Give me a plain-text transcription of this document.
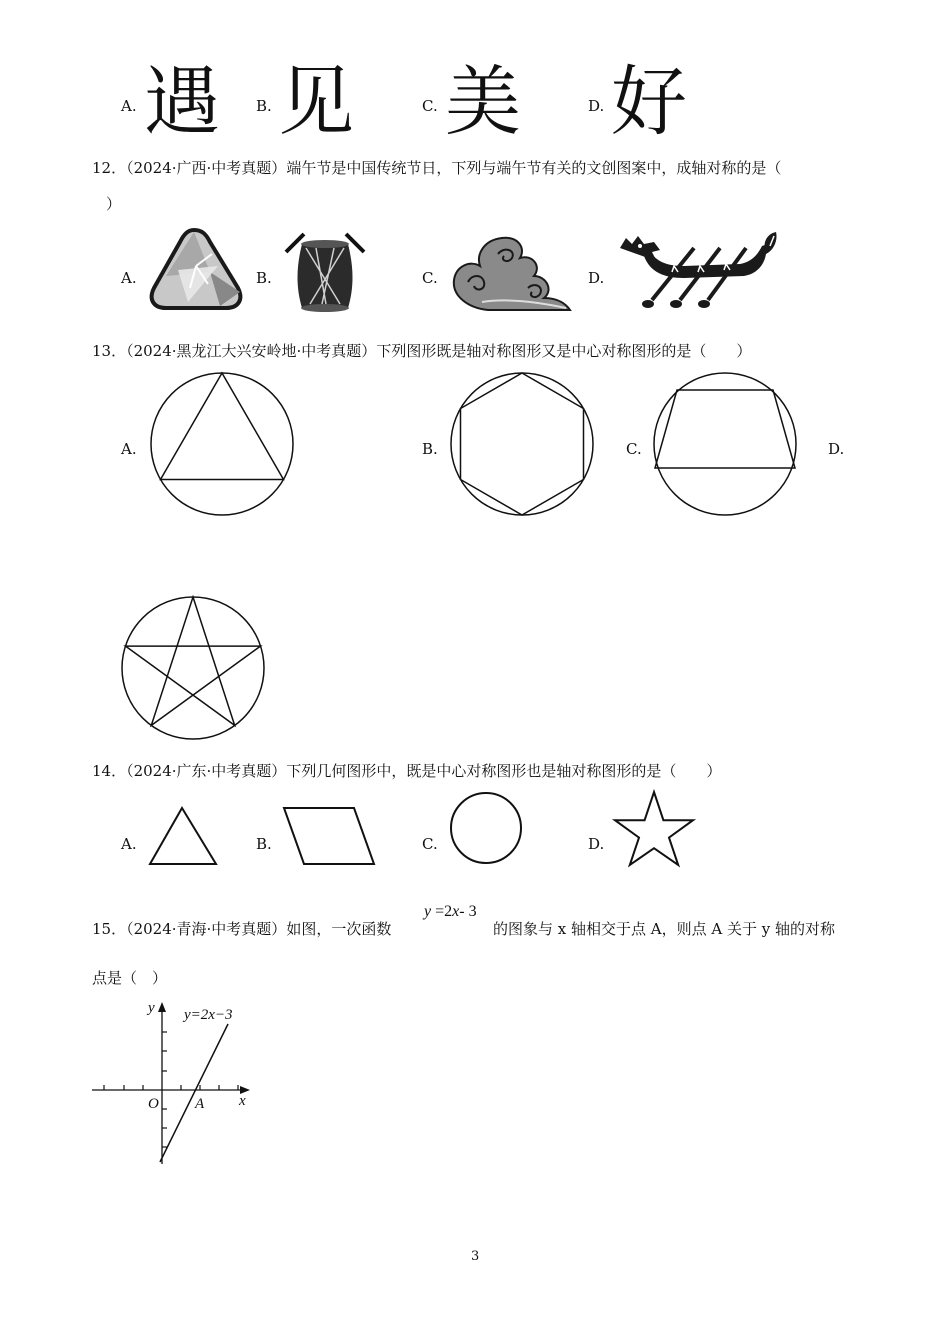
A. 遇 B. 见	C. 美	D. 好
12．（2024·广西·中考真题）端午节是中国传统节日，下列与端午节有关的文创图案中，成轴对称的是（
）
A.	B.	C.	D.
13．（2024·黑龙江大兴安岭地·中考真题）下列图形既是轴对称图形又是中心对称图形的是（　　）
A.	B.	C.	D.
14．（2024·广东·中考真题）下列几何图形中，既是中心对称图形也是轴对称图形的是（　　）
A.	B.	C.	D.
15．（2024·青海·中考真题）如图，一次函数
y =2x- 3
的图象与 x 轴相交于点 A，则点 A 关于 y 轴的对称
点是（　）
y=2x−3
y
x
O A
3
